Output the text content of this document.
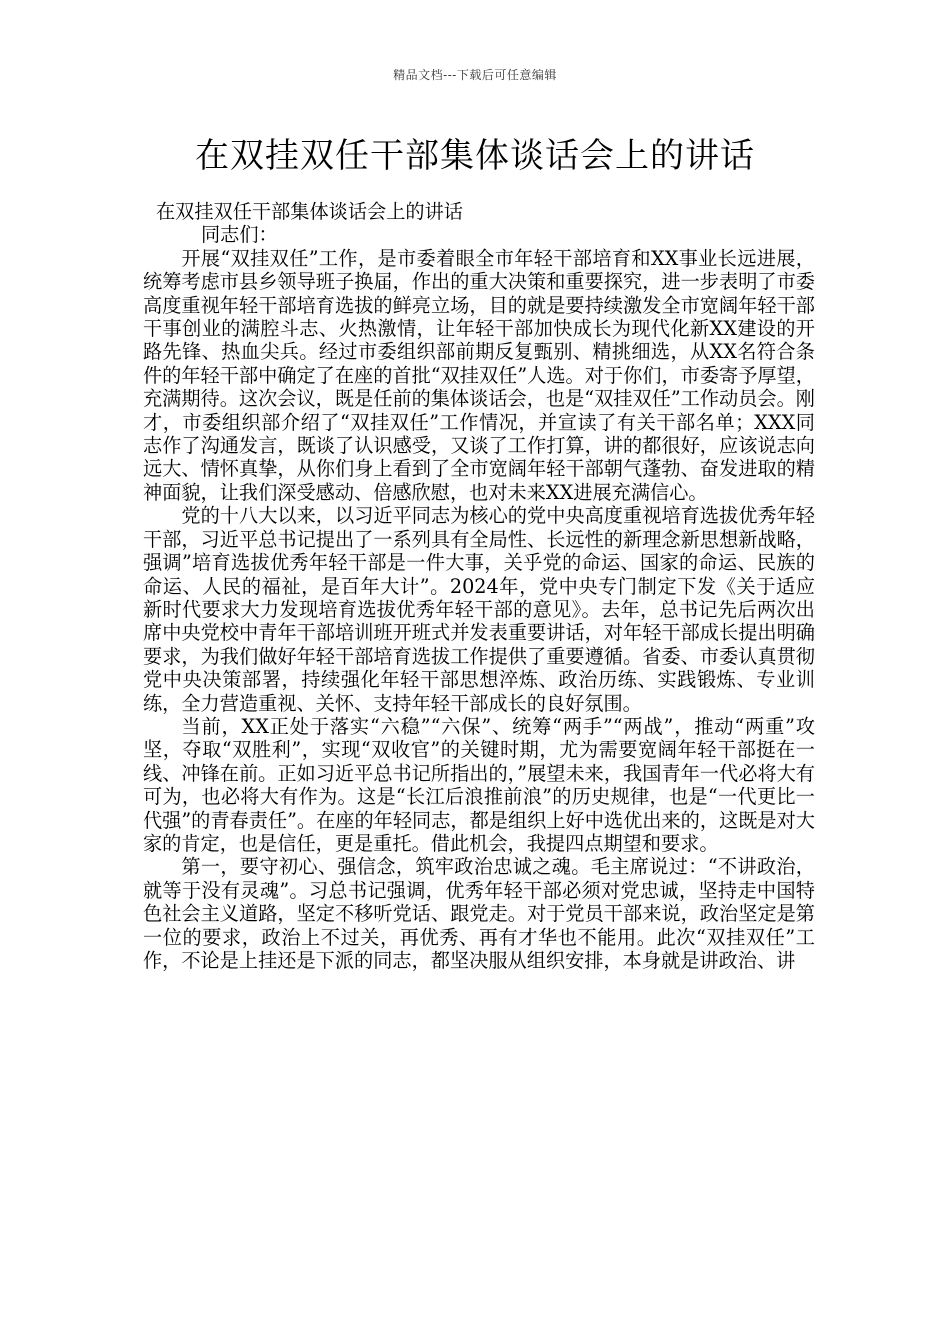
精品文档---下载后可任意编辑
在双挂双任干部集体谈话会上的讲话

在双挂双任干部集体谈话会上的讲话

同志们：

开展“双挂双任”工作，是市委着眼全市年轻干部培育和XX事业长远进展，统筹考虑市县乡领导班子换届，作出的重大决策和重要探究，进一步表明了市委高度重视年轻干部培育选拔的鲜亮立场，目的就是要持续激发全市宽阔年轻干部干事创业的满腔斗志、火热激情，让年轻干部加快成长为现代化新XX建设的开路先锋、热血尖兵。经过市委组织部前期反复甄别、精挑细选，从XX名符合条件的年轻干部中确定了在座的首批“双挂双任”人选。对于你们，市委寄予厚望，充满期待。这次会议，既是任前的集体谈话会，也是“双挂双任”工作动员会。刚才，市委组织部介绍了“双挂双任”工作情况，并宣读了有关干部名单；XXX同志作了沟通发言，既谈了认识感受，又谈了工作打算，讲的都很好，应该说志向远大、情怀真挚，从你们身上看到了全市宽阔年轻干部朝气蓬勃、奋发进取的精神面貌，让我们深受感动、倍感欣慰，也对未来XX进展充满信心。

党的十八大以来，以习近平同志为核心的党中央高度重视培育选拔优秀年轻干部，习近平总书记提出了一系列具有全局性、长远性的新理念新思想新战略，强调”培育选拔优秀年轻干部是一件大事，关乎党的命运、国家的命运、民族的命运、人民的福祉，是百年大计”。2024年，党中央专门制定下发《关于适应新时代要求大力发现培育选拔优秀年轻干部的意见》。去年，总书记先后两次出席中央党校中青年干部培训班开班式并发表重要讲话，对年轻干部成长提出明确要求，为我们做好年轻干部培育选拔工作提供了重要遵循。省委、市委认真贯彻党中央决策部署，持续强化年轻干部思想淬炼、政治历练、实践锻炼、专业训练，全力营造重视、关怀、支持年轻干部成长的良好氛围。

当前，XX正处于落实“六稳”“六保”、统筹“两手”“两战”，推动“两重”攻坚，夺取“双胜利”，实现“双收官”的关键时期，尤为需要宽阔年轻干部挺在一线、冲锋在前。正如习近平总书记所指出的，”展望未来，我国青年一代必将大有可为，也必将大有作为。这是“长江后浪推前浪”的历史规律，也是“一代更比一代强”的青春责任”。在座的年轻同志，都是组织上好中选优出来的，这既是对大家的肯定，也是信任，更是重托。借此机会，我提四点期望和要求。

第一，要守初心、强信念，筑牢政治忠诚之魂。毛主席说过：“不讲政治，就等于没有灵魂”。习总书记强调，优秀年轻干部必须对党忠诚，坚持走中国特色社会主义道路，坚定不移听党话、跟党走。对于党员干部来说，政治坚定是第一位的要求，政治上不过关，再优秀、再有才华也不能用。此次“双挂双任”工作，不论是上挂还是下派的同志，都坚决服从组织安排，本身就是讲政治、讲
